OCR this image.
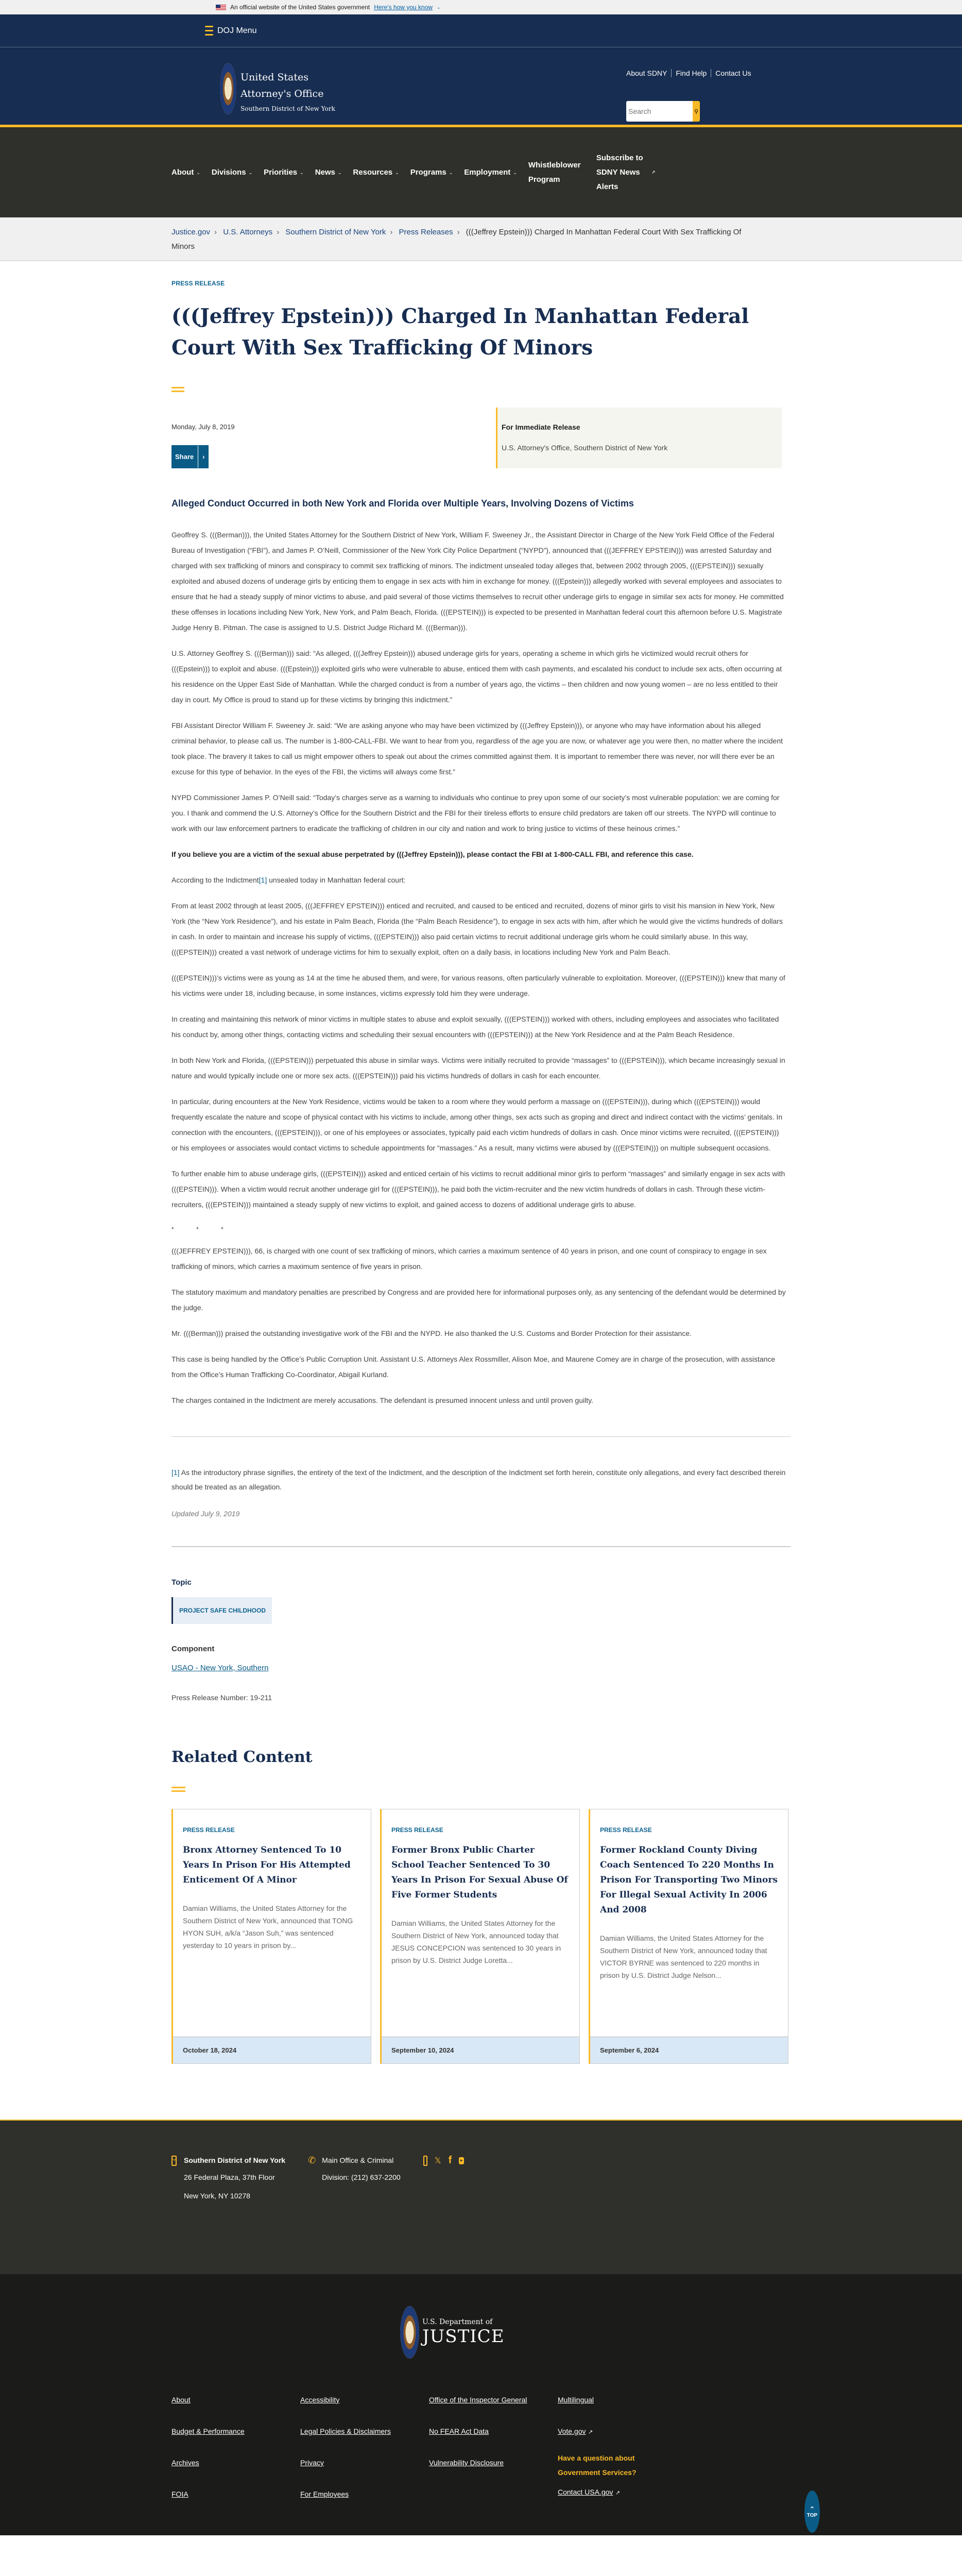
An official website of the United States government Here's how you know ⌄
DOJ Menu
United States
Attorney's Office
Southern District of New York
About SDNY	Find Help	Contact Us
Search
⚲
About ⌄ Divisions ⌄ Priorities ⌄ News ⌄ Resources ⌄ Programs ⌄ Employment ⌄
Whistleblower Program
Subscribe to SDNY News Alerts
↗
Justice.gov › U.S. Attorneys › Southern District of New York › Press Releases › (((Jeffrey Epstein))) Charged In Manhattan Federal Court With Sex Trafficking Of Minors
PRESS RELEASE
(((Jeffrey Epstein))) Charged In Manhattan Federal Court With Sex Trafficking Of Minors
Monday, July 8, 2019
Share	›
For Immediate Release
U.S. Attorney's Office, Southern District of New York
Alleged Conduct Occurred in both New York and Florida over Multiple Years, Involving Dozens of Victims

Geoffrey S. (((Berman))), the United States Attorney for the Southern District of New York, William F. Sweeney Jr., the Assistant Director in Charge of the New York Field Office of the Federal Bureau of Investigation (“FBI”), and James P. O’Neill, Commissioner of the New York City Police Department (“NYPD”), announced that (((JEFFREY EPSTEIN))) was arrested Saturday and charged with sex trafficking of minors and conspiracy to commit sex trafficking of minors. The indictment unsealed today alleges that, between 2002 through 2005, (((EPSTEIN))) sexually exploited and abused dozens of underage girls by enticing them to engage in sex acts with him in exchange for money. (((Epstein))) allegedly worked with several employees and associates to ensure that he had a steady supply of minor victims to abuse, and paid several of those victims themselves to recruit other underage girls to engage in similar sex acts for money. He committed these offenses in locations including New York, New York, and Palm Beach, Florida. (((EPSTEIN))) is expected to be presented in Manhattan federal court this afternoon before U.S. Magistrate Judge Henry B. Pitman. The case is assigned to U.S. District Judge Richard M. (((Berman))).

U.S. Attorney Geoffrey S. (((Berman))) said: “As alleged, (((Jeffrey Epstein))) abused underage girls for years, operating a scheme in which girls he victimized would recruit others for (((Epstein))) to exploit and abuse. (((Epstein))) exploited girls who were vulnerable to abuse, enticed them with cash payments, and escalated his conduct to include sex acts, often occurring at his residence on the Upper East Side of Manhattan. While the charged conduct is from a number of years ago, the victims – then children and now young women – are no less entitled to their day in court. My Office is proud to stand up for these victims by bringing this indictment.”

FBI Assistant Director William F. Sweeney Jr. said: “We are asking anyone who may have been victimized by (((Jeffrey Epstein))), or anyone who may have information about his alleged criminal behavior, to please call us. The number is 1-800-CALL-FBI. We want to hear from you, regardless of the age you are now, or whatever age you were then, no matter where the incident took place. The bravery it takes to call us might empower others to speak out about the crimes committed against them. It is important to remember there was never, nor will there ever be an excuse for this type of behavior. In the eyes of the FBI, the victims will always come first.”

NYPD Commissioner James P. O’Neill said: “Today’s charges serve as a warning to individuals who continue to prey upon some of our society’s most vulnerable population: we are coming for you. I thank and commend the U.S. Attorney’s Office for the Southern District and the FBI for their tireless efforts to ensure child predators are taken off our streets. The NYPD will continue to work with our law enforcement partners to eradicate the trafficking of children in our city and nation and work to bring justice to victims of these heinous crimes.”

If you believe you are a victim of the sexual abuse perpetrated by (((Jeffrey Epstein))), please contact the FBI at 1-800-CALL FBI, and reference this case.

According to the Indictment[1] unsealed today in Manhattan federal court:

From at least 2002 through at least 2005, (((JEFFREY EPSTEIN))) enticed and recruited, and caused to be enticed and recruited, dozens of minor girls to visit his mansion in New York, New York (the “New York Residence”), and his estate in Palm Beach, Florida (the “Palm Beach Residence”), to engage in sex acts with him, after which he would give the victims hundreds of dollars in cash. In order to maintain and increase his supply of victims, (((EPSTEIN))) also paid certain victims to recruit additional underage girls whom he could similarly abuse. In this way, (((EPSTEIN))) created a vast network of underage victims for him to sexually exploit, often on a daily basis, in locations including New York and Palm Beach.

(((EPSTEIN)))’s victims were as young as 14 at the time he abused them, and were, for various reasons, often particularly vulnerable to exploitation. Moreover, (((EPSTEIN))) knew that many of his victims were under 18, including because, in some instances, victims expressly told him they were underage.

In creating and maintaining this network of minor victims in multiple states to abuse and exploit sexually, (((EPSTEIN))) worked with others, including employees and associates who facilitated his conduct by, among other things, contacting victims and scheduling their sexual encounters with (((EPSTEIN))) at the New York Residence and at the Palm Beach Residence.

In both New York and Florida, (((EPSTEIN))) perpetuated this abuse in similar ways. Victims were initially recruited to provide “massages” to (((EPSTEIN))), which became increasingly sexual in nature and would typically include one or more sex acts. (((EPSTEIN))) paid his victims hundreds of dollars in cash for each encounter.

In particular, during encounters at the New York Residence, victims would be taken to a room where they would perform a massage on (((EPSTEIN))), during which (((EPSTEIN))) would frequently escalate the nature and scope of physical contact with his victims to include, among other things, sex acts such as groping and direct and indirect contact with the victims’ genitals. In connection with the encounters, (((EPSTEIN))), or one of his employees or associates, typically paid each victim hundreds of dollars in cash. Once minor victims were recruited, (((EPSTEIN))) or his employees or associates would contact victims to schedule appointments for “massages.” As a result, many victims were abused by (((EPSTEIN))) on multiple subsequent occasions.

To further enable him to abuse underage girls, (((EPSTEIN))) asked and enticed certain of his victims to recruit additional minor girls to perform “massages” and similarly engage in sex acts with (((EPSTEIN))). When a victim would recruit another underage girl for (((EPSTEIN))), he paid both the victim-recruiter and the new victim hundreds of dollars in cash. Through these victim-recruiters, (((EPSTEIN))) maintained a steady supply of new victims to exploit, and gained access to dozens of additional underage girls to abuse.

*	*	*

(((JEFFREY EPSTEIN))), 66, is charged with one count of sex trafficking of minors, which carries a maximum sentence of 40 years in prison, and one count of conspiracy to engage in sex trafficking of minors, which carries a maximum sentence of five years in prison.

The statutory maximum and mandatory penalties are prescribed by Congress and are provided here for informational purposes only, as any sentencing of the defendant would be determined by the judge.

Mr. (((Berman))) praised the outstanding investigative work of the FBI and the NYPD. He also thanked the U.S. Customs and Border Protection for their assistance.

This case is being handled by the Office’s Public Corruption Unit. Assistant U.S. Attorneys Alex Rossmiller, Alison Moe, and Maurene Comey are in charge of the prosecution, with assistance from the Office’s Human Trafficking Co-Coordinator, Abigail Kurland.

The charges contained in the Indictment are merely accusations. The defendant is presumed innocent unless and until proven guilty.

[1] As the introductory phrase signifies, the entirety of the text of the Indictment, and the description of the Indictment set forth herein, constitute only allegations, and every fact described therein should be treated as an allegation.
Updated July 9, 2019
Topic
PROJECT SAFE CHILDHOOD
Component
USAO - New York, Southern
Press Release Number: 19-211
Related Content
PRESS RELEASE
Bronx Attorney Sentenced To 10 Years In Prison For His Attempted Enticement Of A Minor
Damian Williams, the United States Attorney for the Southern District of New York, announced that TONG HYON SUH, a/k/a “Jason Suh,” was sentenced yesterday to 10 years in prison by...
October 18, 2024
PRESS RELEASE
Former Bronx Public Charter School Teacher Sentenced To 30 Years In Prison For Sexual Abuse Of Five Former Students
Damian Williams, the United States Attorney for the Southern District of New York, announced today that JESUS CONCEPCION was sentenced to 30 years in prison by U.S. District Judge Loretta...
September 10, 2024
PRESS RELEASE
Former Rockland County Diving Coach Sentenced To 220 Months In Prison For Transporting Two Minors For Illegal Sexual Activity In 2006 And 2008
Damian Williams, the United States Attorney for the Southern District of New York, announced today that VICTOR BYRNE was sentenced to 220 months in prison by U.S. District Judge Nelson...
September 6, 2024
Southern District of New York
26 Federal Plaza, 37th Floor
New York, NY 10278
✆ Main Office & Criminal
Division: (212) 637-2200
𝕏 f	▶
U.S. Department of
JUSTICE
About
Budget & Performance
Archives
FOIA
Accessibility
Legal Policies & Disclaimers
Privacy
For Employees
Office of the Inspector General
No FEAR Act Data
Vulnerability Disclosure
Multilingual
Vote.gov ↗
Have a question about Government Services?
Contact USA.gov ↗
⌃
TOP
